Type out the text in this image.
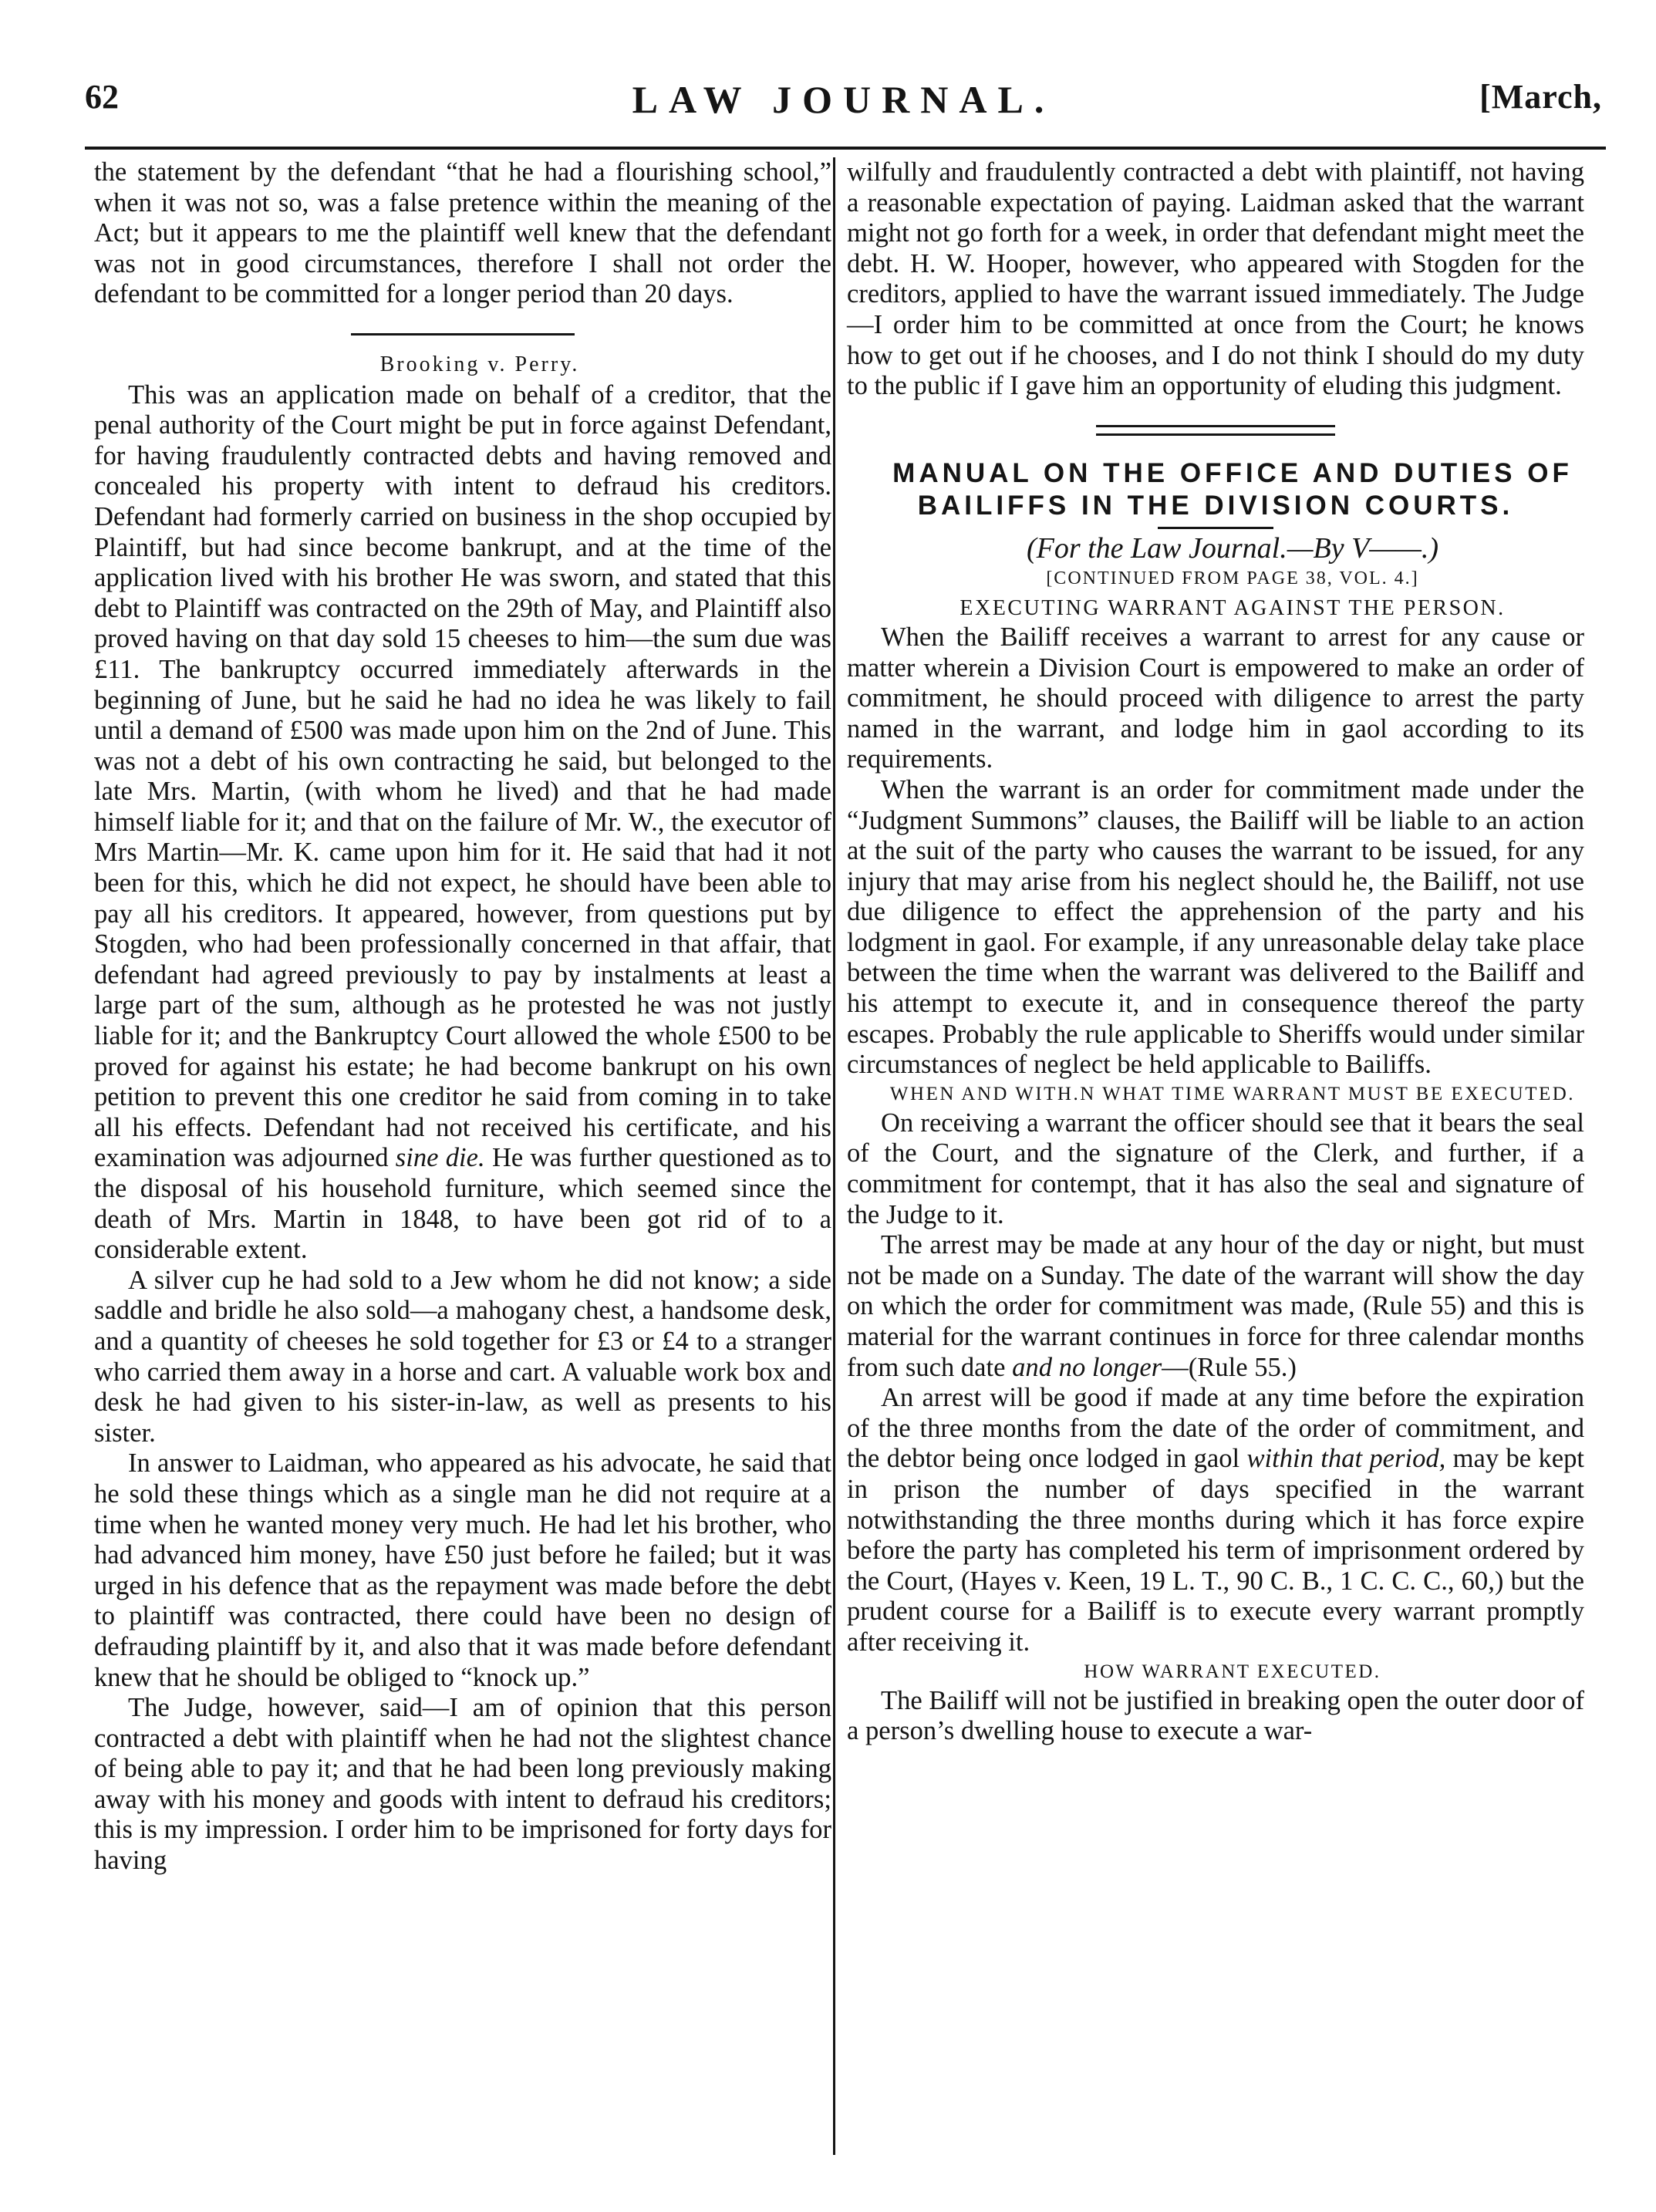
62	LAW JOURNAL.	[March,

the statement by the defendant “that he had a flourishing school,” when it was not so, was a false pretence within the meaning of the Act; but it appears to me the plaintiff well knew that the defendant was not in good circumstances, therefore I shall not order the defendant to be committed for a longer period than 20 days.

Brooking v. Perry.

This was an application made on behalf of a creditor, that the penal authority of the Court might be put in force against Defendant, for having fraudulently contracted debts and having removed and concealed his property with intent to defraud his creditors. Defendant had formerly carried on business in the shop occupied by Plaintiff, but had since become bankrupt, and at the time of the application lived with his brother He was sworn, and stated that this debt to Plaintiff was contracted on the 29th of May, and Plaintiff also proved having on that day sold 15 cheeses to him—the sum due was £11. The bankruptcy occurred immediately afterwards in the beginning of June, but he said he had no idea he was likely to fail until a demand of £500 was made upon him on the 2nd of June. This was not a debt of his own contracting he said, but belonged to the late Mrs. Martin, (with whom he lived) and that he had made himself liable for it; and that on the failure of Mr. W., the executor of Mrs Martin—Mr. K. came upon him for it. He said that had it not been for this, which he did not expect, he should have been able to pay all his creditors. It appeared, however, from questions put by Stogden, who had been professionally concerned in that affair, that defendant had agreed previously to pay by instalments at least a large part of the sum, although as he protested he was not justly liable for it; and the Bankruptcy Court allowed the whole £500 to be proved for against his estate; he had become bankrupt on his own petition to prevent this one creditor he said from coming in to take all his effects. Defendant had not received his certificate, and his examination was adjourned sine die. He was further questioned as to the disposal of his household furniture, which seemed since the death of Mrs. Martin in 1848, to have been got rid of to a considerable extent.

A silver cup he had sold to a Jew whom he did not know; a side saddle and bridle he also sold—a mahogany chest, a handsome desk, and a quantity of cheeses he sold together for £3 or £4 to a stranger who carried them away in a horse and cart. A valuable work box and desk he had given to his sister-in-law, as well as presents to his sister.

In answer to Laidman, who appeared as his advocate, he said that he sold these things which as a single man he did not require at a time when he wanted money very much. He had let his brother, who had advanced him money, have £50 just before he failed; but it was urged in his defence that as the repayment was made before the debt to plaintiff was contracted, there could have been no design of defrauding plaintiff by it, and also that it was made before defendant knew that he should be obliged to “knock up.”

The Judge, however, said—I am of opinion that this person contracted a debt with plaintiff when he had not the slightest chance of being able to pay it; and that he had been long previously making away with his money and goods with intent to defraud his creditors; this is my impression. I order him to be imprisoned for forty days for having

wilfully and fraudulently contracted a debt with plaintiff, not having a reasonable expectation of paying. Laidman asked that the warrant might not go forth for a week, in order that defendant might meet the debt. H. W. Hooper, however, who appeared with Stogden for the creditors, applied to have the warrant issued immediately. The Judge —I order him to be committed at once from the Court; he knows how to get out if he chooses, and I do not think I should do my duty to the public if I gave him an opportunity of eluding this judgment.

MANUAL ON THE OFFICE AND DUTIES OF
BAILIFFS IN THE DIVISION COURTS.

(For the Law Journal.—By V——.)

[CONTINUED FROM PAGE 38, VOL. 4.]

EXECUTING WARRANT AGAINST THE PERSON.

When the Bailiff receives a warrant to arrest for any cause or matter wherein a Division Court is empowered to make an order of commitment, he should proceed with diligence to arrest the party named in the warrant, and lodge him in gaol according to its requirements.

When the warrant is an order for commitment made under the “Judgment Summons” clauses, the Bailiff will be liable to an action at the suit of the party who causes the warrant to be issued, for any injury that may arise from his neglect should he, the Bailiff, not use due diligence to effect the apprehension of the party and his lodgment in gaol. For example, if any unreasonable delay take place between the time when the warrant was delivered to the Bailiff and his attempt to execute it, and in consequence thereof the party escapes. Probably the rule applicable to Sheriffs would under similar circumstances of neglect be held applicable to Bailiffs.

WHEN AND WITH.N WHAT TIME WARRANT MUST BE EXECUTED.

On receiving a warrant the officer should see that it bears the seal of the Court, and the signature of the Clerk, and further, if a commitment for contempt, that it has also the seal and signature of the Judge to it.

The arrest may be made at any hour of the day or night, but must not be made on a Sunday. The date of the warrant will show the day on which the order for commitment was made, (Rule 55) and this is material for the warrant continues in force for three calendar months from such date and no longer—(Rule 55.)

An arrest will be good if made at any time before the expiration of the three months from the date of the order of commitment, and the debtor being once lodged in gaol within that period, may be kept in prison the number of days specified in the warrant notwithstanding the three months during which it has force expire before the party has completed his term of imprisonment ordered by the Court, (Hayes v. Keen, 19 L. T., 90 C. B., 1 C. C. C., 60,) but the prudent course for a Bailiff is to execute every warrant promptly after receiving it.

HOW WARRANT EXECUTED.

The Bailiff will not be justified in breaking open the outer door of a person’s dwelling house to execute a war-
